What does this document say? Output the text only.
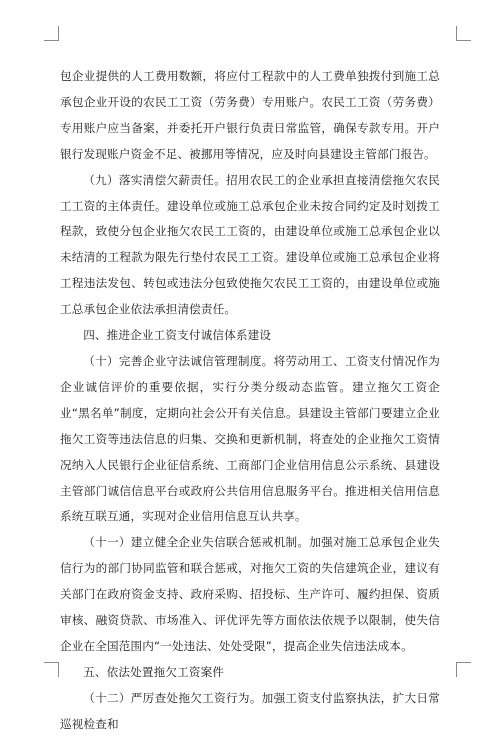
包企业提供的人工费用数额，将应付工程款中的人工费单独拨付到施工总承包企业开设的农民工工资（劳务费）专用账户。农民工工资（劳务费）专用账户应当备案，并委托开户银行负责日常监管，确保专款专用。开户银行发现账户资金不足、被挪用等情况，应及时向县建设主管部门报告。

（九）落实清偿欠薪责任。招用农民工的企业承担直接清偿拖欠农民工工资的主体责任。建设单位或施工总承包企业未按合同约定及时划拨工程款，致使分包企业拖欠农民工工资的，由建设单位或施工总承包企业以未结清的工程款为限先行垫付农民工工资。建设单位或施工总承包企业将工程违法发包、转包或违法分包致使拖欠农民工工资的，由建设单位或施工总承包企业依法承担清偿责任。

四、推进企业工资支付诚信体系建设

（十）完善企业守法诚信管理制度。将劳动用工、工资支付情况作为企业诚信评价的重要依据，实行分类分级动态监管。建立拖欠工资企业“黑名单”制度，定期向社会公开有关信息。县建设主管部门要建立企业拖欠工资等违法信息的归集、交换和更新机制，将查处的企业拖欠工资情况纳入人民银行企业征信系统、工商部门企业信用信息公示系统、县建设主管部门诚信信息平台或政府公共信用信息服务平台。推进相关信用信息系统互联互通，实现对企业信用信息互认共享。

（十一）建立健全企业失信联合惩戒机制。加强对施工总承包企业失信行为的部门协同监管和联合惩戒，对拖欠工资的失信建筑企业，建议有关部门在政府资金支持、政府采购、招投标、生产许可、履约担保、资质审核、融资贷款、市场准入、评优评先等方面依法依规予以限制，使失信企业在全国范围内“一处违法、处处受限”，提高企业失信违法成本。

五、依法处置拖欠工资案件

（十二）严厉查处拖欠工资行为。加强工资支付监察执法，扩大日常巡视检查和
